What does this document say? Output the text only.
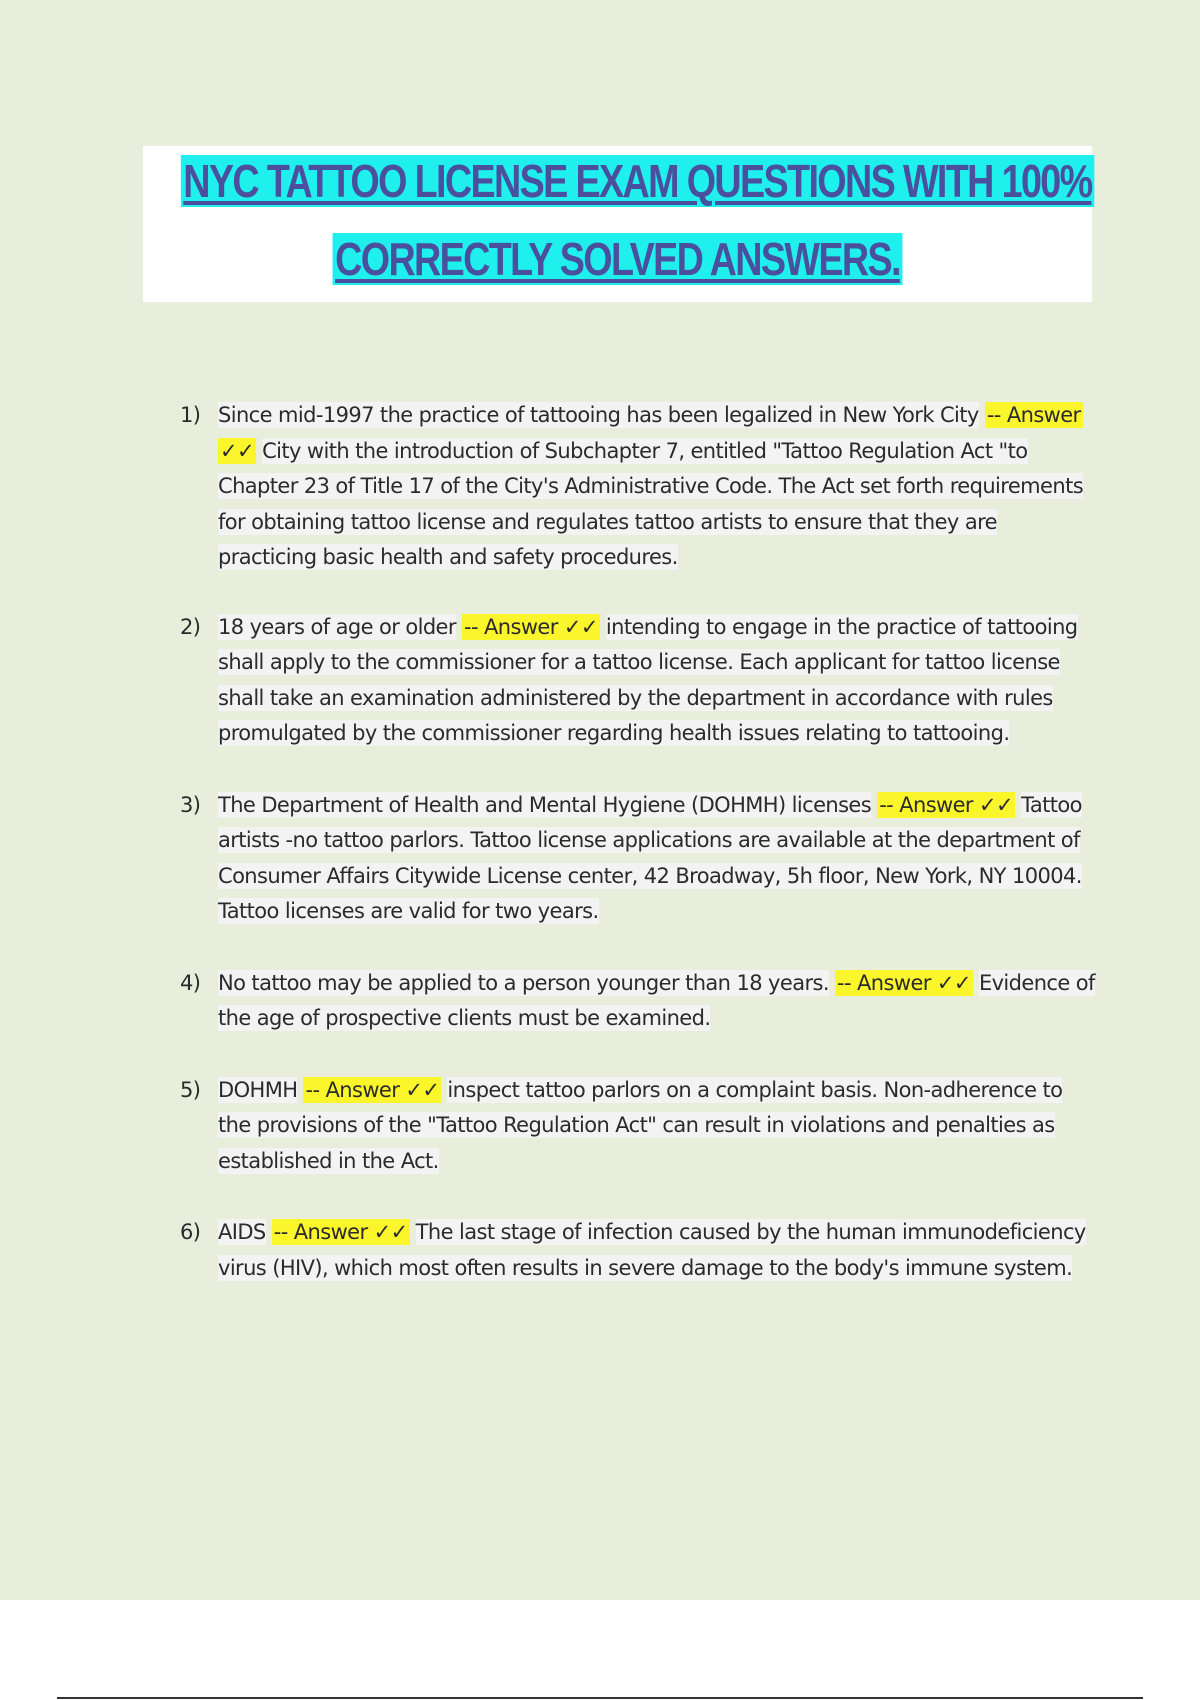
NYC TATTOO LICENSE EXAM QUESTIONS WITH 100%
CORRECTLY SOLVED ANSWERS.
1) Since mid-1997 the practice of tattooing has been legalized in New York City -- Answer ✓✓ City with the introduction of Subchapter 7, entitled "Tattoo Regulation Act "to Chapter 23 of Title 17 of the City's Administrative Code. The Act set forth requirements for obtaining tattoo license and regulates tattoo artists to ensure that they are practicing basic health and safety procedures.
2) 18 years of age or older -- Answer ✓✓ intending to engage in the practice of tattooing shall apply to the commissioner for a tattoo license. Each applicant for tattoo license shall take an examination administered by the department in accordance with rules promulgated by the commissioner regarding health issues relating to tattooing.
3) The Department of Health and Mental Hygiene (DOHMH) licenses -- Answer ✓✓ Tattoo artists -no tattoo parlors. Tattoo license applications are available at the department of Consumer Affairs Citywide License center, 42 Broadway, 5h floor, New York, NY 10004. Tattoo licenses are valid for two years.
4) No tattoo may be applied to a person younger than 18 years. -- Answer ✓✓ Evidence of the age of prospective clients must be examined.
5) DOHMH -- Answer ✓✓ inspect tattoo parlors on a complaint basis. Non-adherence to the provisions of the "Tattoo Regulation Act" can result in violations and penalties as established in the Act.
6) AIDS -- Answer ✓✓ The last stage of infection caused by the human immunodeficiency virus (HIV), which most often results in severe damage to the body's immune system.
